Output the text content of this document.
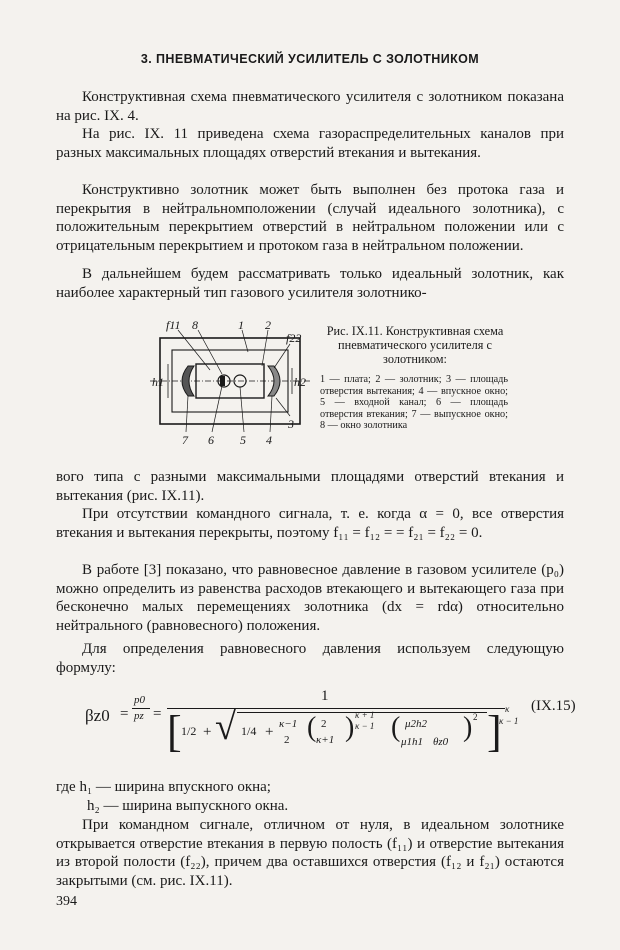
3. ПНЕВМАТИЧЕСКИЙ УСИЛИТЕЛЬ С ЗОЛОТНИКОМ

Конструктивная схема пневматического усилителя с золотником показана на рис. IX. 4.

На рис. IX. 11 приведена схема газораспределительных каналов при разных максимальных площадях отверстий втекания и вытекания.

Конструктивно золотник может быть выполнен без протока газа и перекрытия в нейтральномположении (случай идеального золотника), с положительным перекрытием отверстий в нейтральном положении или с отрицательным перекрытием и протоком газа в нейтральном положении.

В дальнейшем будем рассматривать только идеальный золотник, как наиболее характерный тип газового усилителя золотнико-

f11 8	1 2
f22
h1	h2
3
7 6 5 4
Рис. IX.11. Конструктивная схема пневматического усилителя с золотником:
1 — плата; 2 — золотник; 3 — площадь отверстия вытекания; 4 — впускное окно; 5 — входной канал; 6 — площадь отверстия втекания; 7 — выпускное окно; 8 — окно золотника

вого типа с разными максимальными площадями отверстий втекания и вытекания (рис. IX.11).

При отсутствии командного сигнала, т. е. когда α = 0, все отверстия втекания и вытекания перекрыты, поэтому f₁₁ = f₁₂ = = f₂₁ = f₂₂ = 0.

В работе [3] показано, что равновесное давление в газовом усилителе (p₀) можно определить из равенства расходов втекающего и вытекающего газа при бесконечно малых перемещениях золотника (dx = rdα) относительно нейтрального (равновесного) положения.

Для определения равновесного давления используем следующую формулу:

βz0 =
p0
pz =
1
[ 1/2 + √ 1/4 + κ−1
2 ( 2
κ+1 ) κ + 1
κ − 1 ( μ2h2
μ1h1 θz0 ) 2 ] κ
κ − 1
(IX.15)

где h₁ — ширина впускного окна;

h₂ — ширина выпускного окна.

При командном сигнале, отличном от нуля, в идеальном золотнике открывается отверстие втекания в первую полость (f₁₁) и отверстие вытекания из второй полости (f₂₂), причем два оставшихся отверстия (f₁₂ и f₂₁) остаются закрытыми (см. рис. IX.11).

394
